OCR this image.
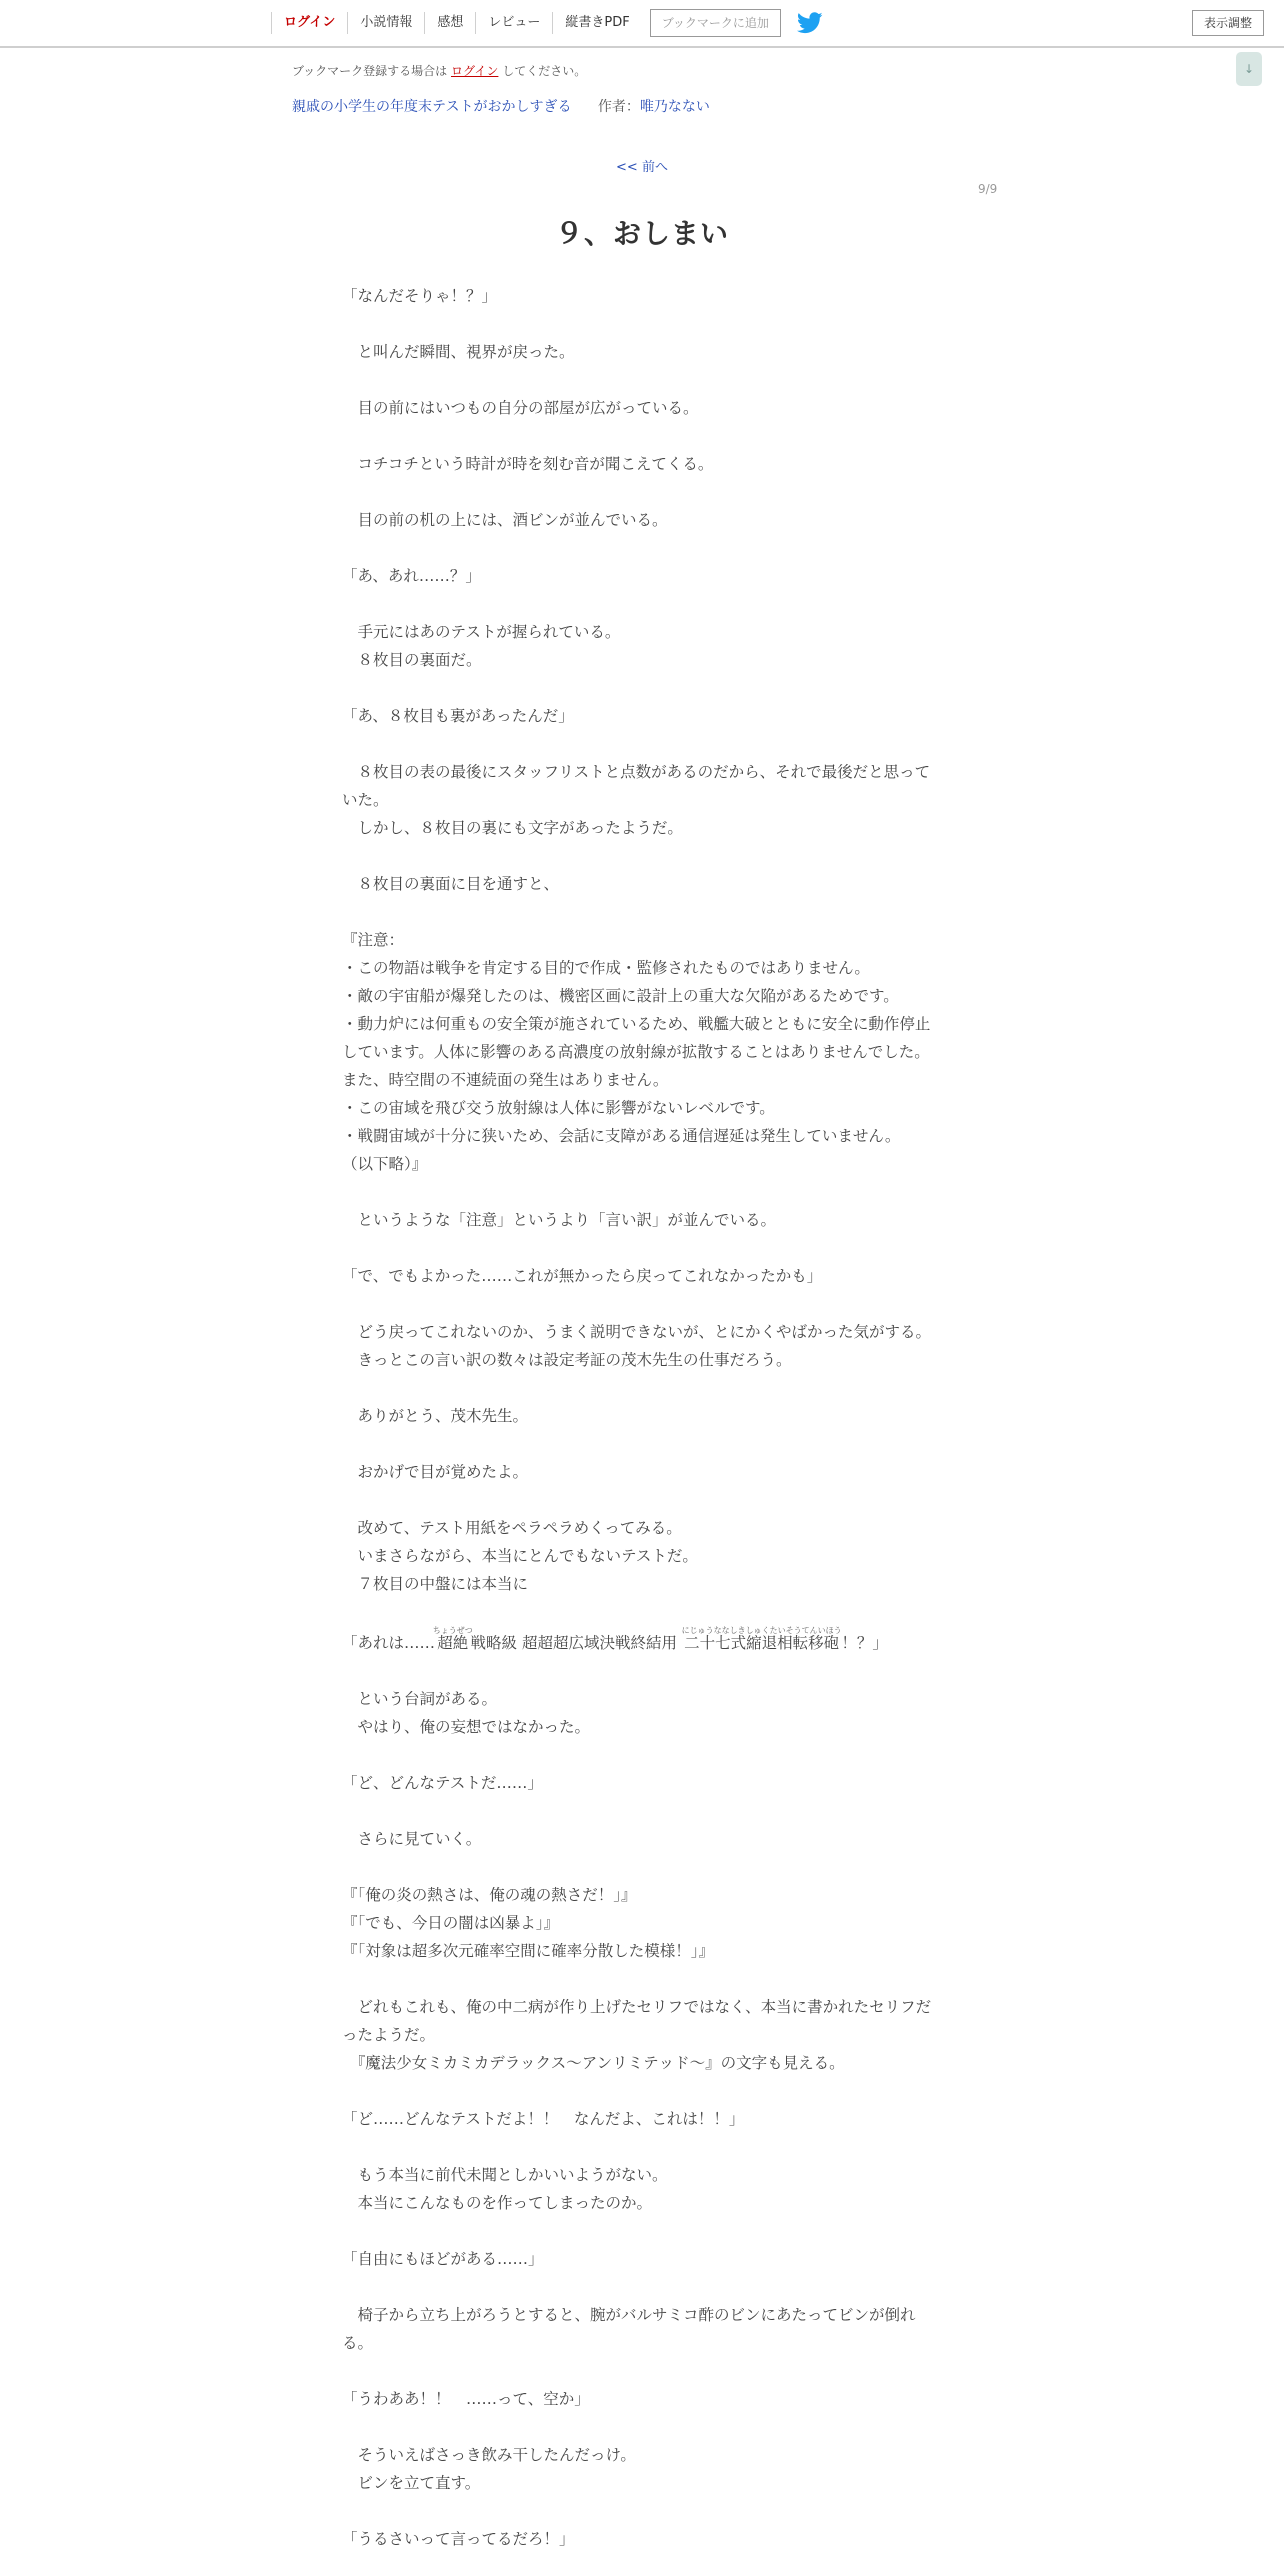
ログイン	小説情報	感想	レビュー	縦書きPDF	ブックマークに追加	表示調整
↓
ブックマーク登録する場合は ログイン してください。
親戚の小学生の年度末テストがおかしすぎる 作者：唯乃なない
<< 前へ
9/9
９、おしまい

「なんだそりゃ！？」

　と叫んだ瞬間、視界が戻った。

　目の前にはいつもの自分の部屋が広がっている。

　コチコチという時計が時を刻む音が聞こえてくる。

　目の前の机の上には、酒ビンが並んでいる。

「あ、あれ……？」

　手元にはあのテストが握られている。

　８枚目の裏面だ。

「あ、８枚目も裏があったんだ」

　８枚目の表の最後にスタッフリストと点数があるのだから、それで最後だと思っていた。

　しかし、８枚目の裏にも文字があったようだ。

　８枚目の裏面に目を通すと、

『注意：

・この物語は戦争を肯定する目的で作成・監修されたものではありません。

・敵の宇宙船が爆発したのは、機密区画に設計上の重大な欠陥があるためです。

・動力炉には何重もの安全策が施されているため、戦艦大破とともに安全に動作停止しています。人体に影響のある高濃度の放射線が拡散することはありませんでした。また、時空間の不連続面の発生はありません。

・この宙域を飛び交う放射線は人体に影響がないレベルです。

・戦闘宙域が十分に狭いため、会話に支障がある通信遅延は発生していません。

（以下略）』

　というような「注意」というより「言い訳」が並んでいる。

「で、でもよかった……これが無かったら戻ってこれなかったかも」

　どう戻ってこれないのか、うまく説明できないが、とにかくやばかった気がする。

　きっとこの言い訳の数々は設定考証の茂木先生の仕事だろう。

　ありがとう、茂木先生。

　おかげで目が覚めたよ。

　改めて、テスト用紙をペラペラめくってみる。

　いまさらながら、本当にとんでもないテストだ。

　７枚目の中盤には本当に

「あれは……超絶ちょうぜつ戦略級 超超超広域決戦終結用 二十七式縮退相転移砲にじゅうななしきしゅくたいそうてんいほう！？」

　という台詞がある。

　やはり、俺の妄想ではなかった。

「ど、どんなテストだ……」

　さらに見ていく。

『「俺の炎の熱さは、俺の魂の熱さだ！」』

『「でも、今日の闇は凶暴よ」』

『「対象は超多次元確率空間に確率分散した模様！」』

　どれもこれも、俺の中二病が作り上げたセリフではなく、本当に書かれたセリフだったようだ。

　『魔法少女ミカミカデラックス～アンリミテッド～』の文字も見える。

「ど……どんなテストだよ！！　なんだよ、これは！！」

　もう本当に前代未聞としかいいようがない。

　本当にこんなものを作ってしまったのか。

「自由にもほどがある……」

　椅子から立ち上がろうとすると、腕がバルサミコ酢のビンにあたってビンが倒れる。

「うわああ！！　……って、空か」

　そういえばさっき飲み干したんだっけ。

　ビンを立て直す。

「うるさいって言ってるだろ！」
